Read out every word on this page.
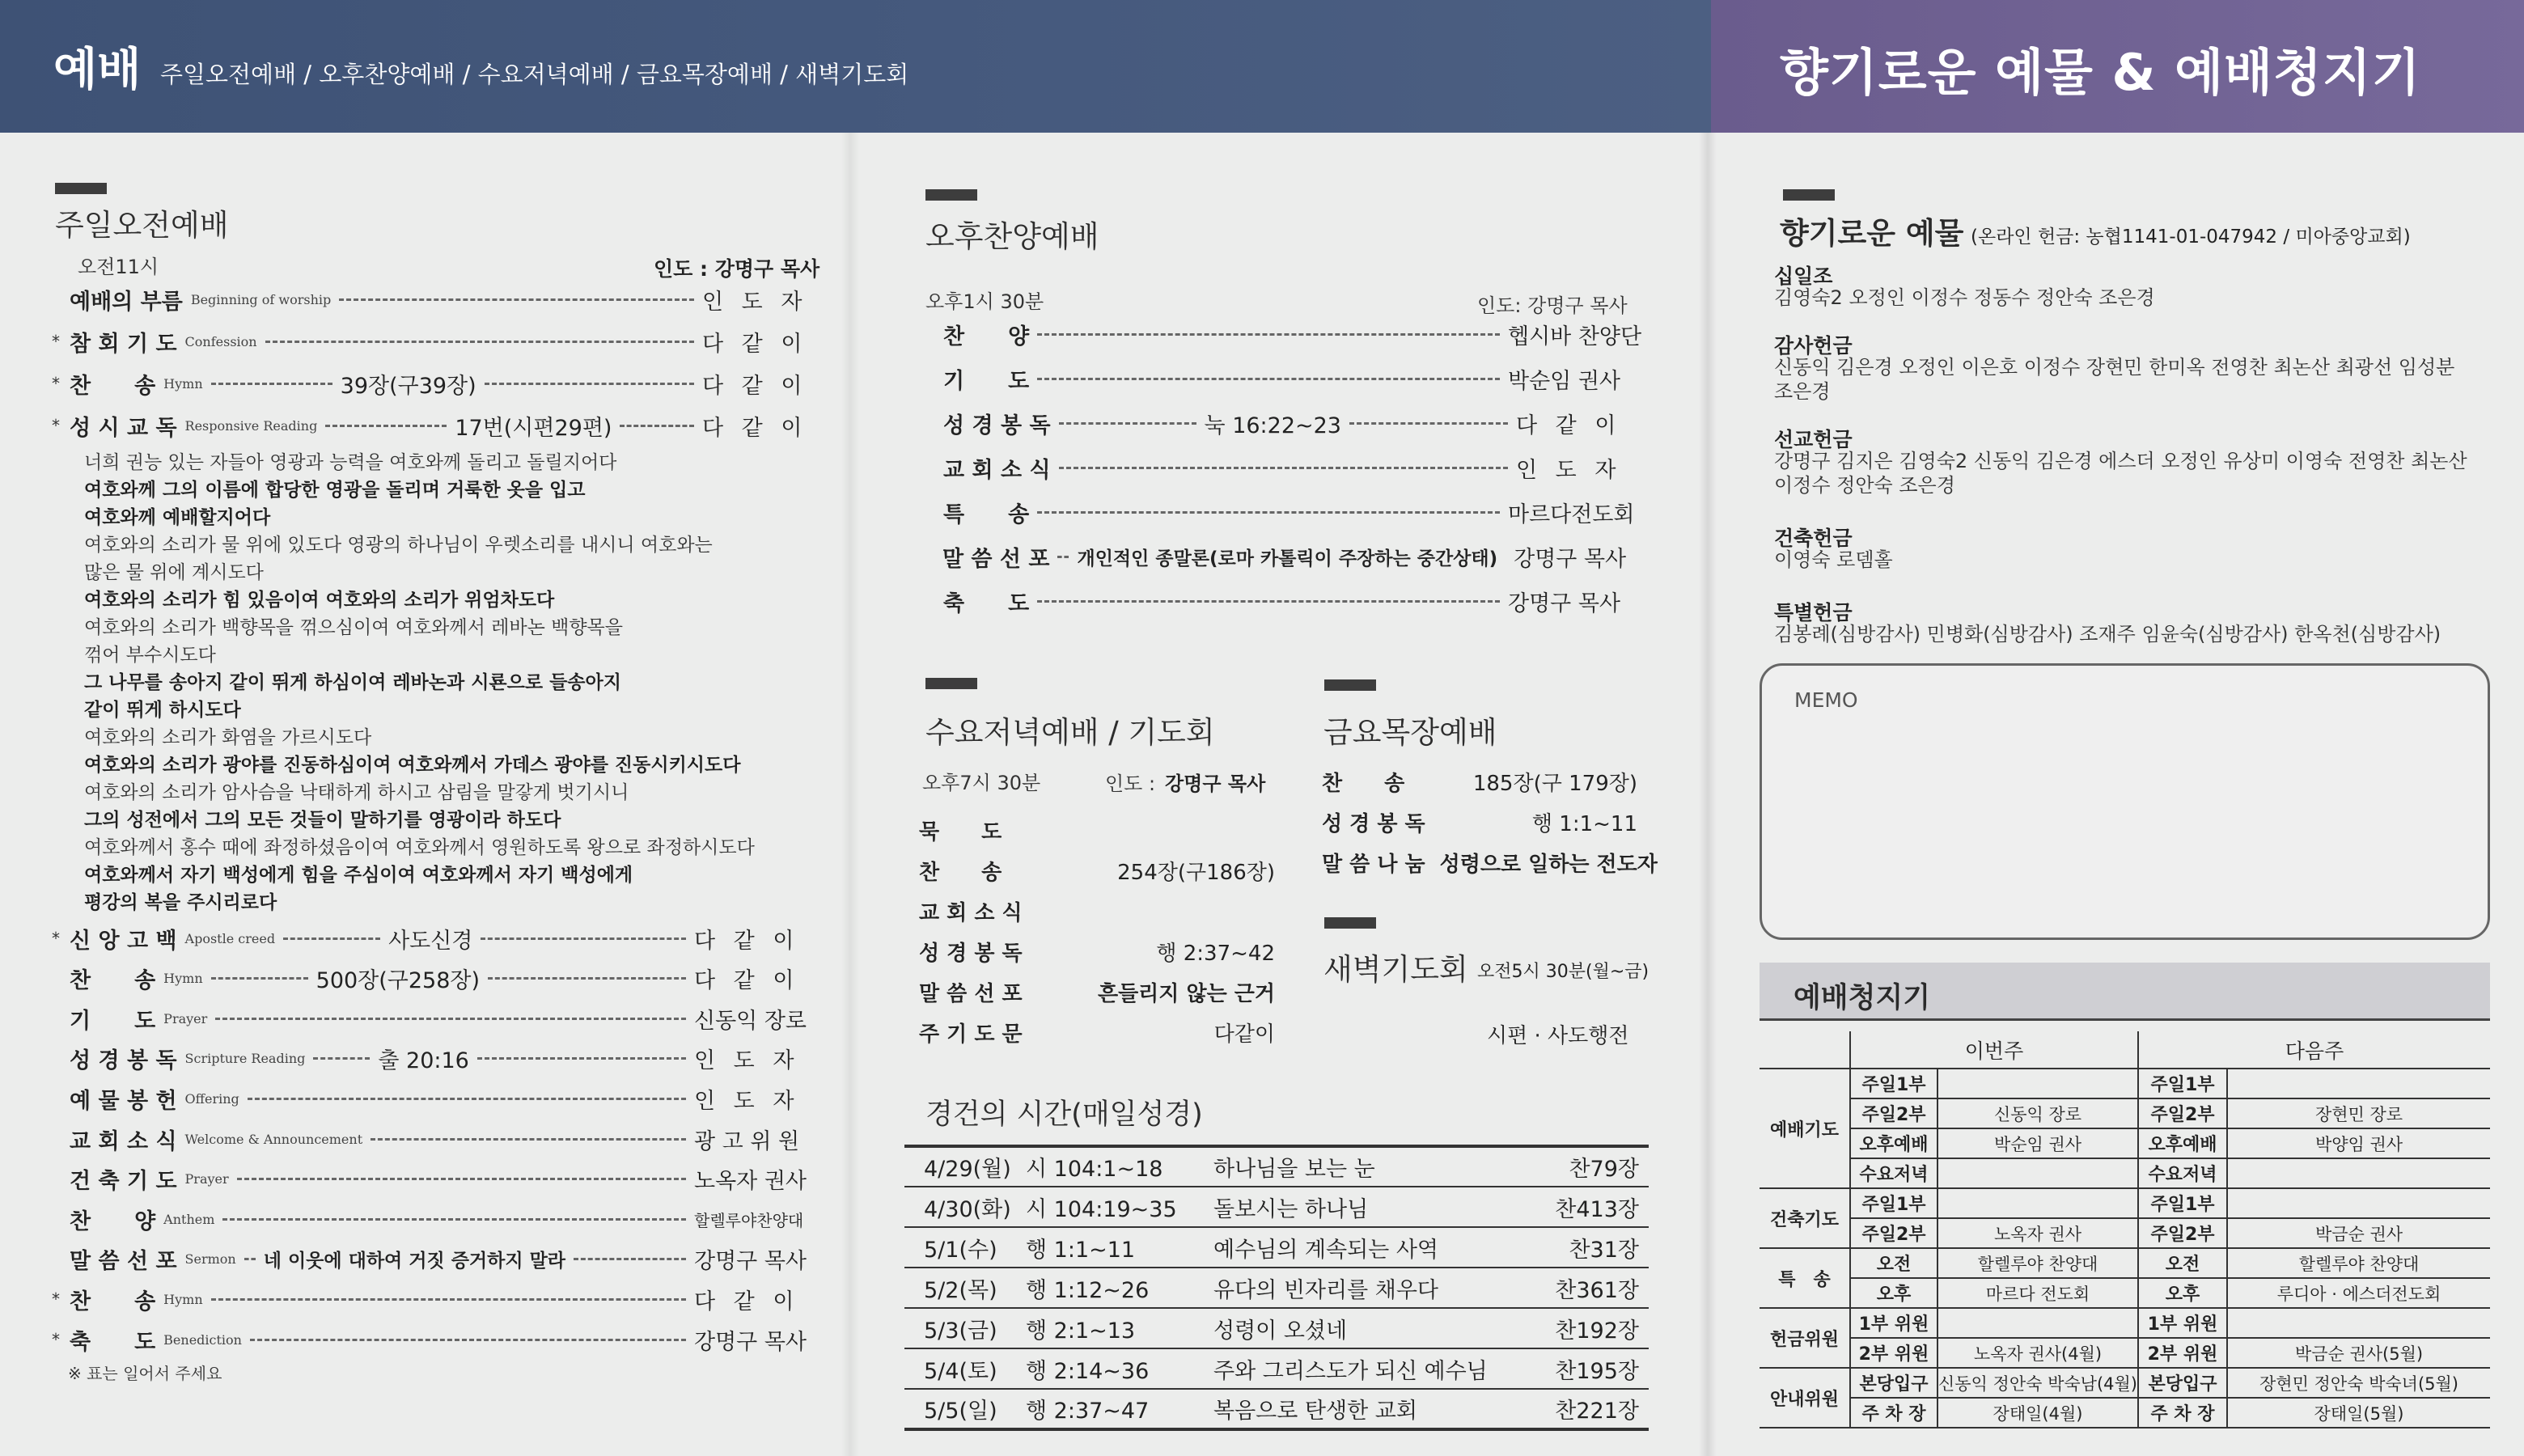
예배 주일오전예배 / 오후찬양예배 / 수요저녁예배 / 금요목장예배 / 새벽기도회	향기로운 예물 & 예배청지기
주일오전예배
오전11시	인도 : 강명구 목사
예배의 부름 Beginning of worship	인 도 자
* 참 회 기 도 Confession	다 같 이
* 찬　　송 Hymn	39장(구39장)	다 같 이
* 성 시 교 독 Responsive Reading	17번(시편29편)	다 같 이
너희 권능 있는 자들아 영광과 능력을 여호와께 돌리고 돌릴지어다
여호와께 그의 이름에 합당한 영광을 돌리며 거룩한 옷을 입고
여호와께 예배할지어다
여호와의 소리가 물 위에 있도다 영광의 하나님이 우렛소리를 내시니 여호와는
많은 물 위에 계시도다
여호와의 소리가 힘 있음이여 여호와의 소리가 위엄차도다
여호와의 소리가 백향목을 꺾으심이여 여호와께서 레바논 백향목을
꺾어 부수시도다
그 나무를 송아지 같이 뛰게 하심이여 레바논과 시룐으로 들송아지
같이 뛰게 하시도다
여호와의 소리가 화염을 가르시도다
여호와의 소리가 광야를 진동하심이여 여호와께서 가데스 광야를 진동시키시도다
여호와의 소리가 암사슴을 낙태하게 하시고 삼림을 말갛게 벗기시니
그의 성전에서 그의 모든 것들이 말하기를 영광이라 하도다
여호와께서 홍수 때에 좌정하셨음이여 여호와께서 영원하도록 왕으로 좌정하시도다
여호와께서 자기 백성에게 힘을 주심이여 여호와께서 자기 백성에게
평강의 복을 주시리로다
* 신 앙 고 백 Apostle creed	사도신경	다 같 이
찬　　송 Hymn	500장(구258장)	다 같 이
기　　도 Prayer	신동익 장로
성 경 봉 독 Scripture Reading	출 20:16	인 도 자
예 물 봉 헌 Offering	인 도 자
교 회 소 식 Welcome & Announcement	광 고 위 원
건 축 기 도 Prayer	노옥자 권사
찬　　양 Anthem	할렐루야찬양대
말 씀 선 포 Sermon 네 이웃에 대하여 거짓 증거하지 말라	강명구 목사
* 찬　　송 Hymn	다 같 이
* 축　　도 Benediction	강명구 목사
※ 표는 일어서 주세요
오후찬양예배
오후1시 30분	인도: 강명구 목사
찬　　양	헵시바 찬양단
기　　도	박순임 권사
성 경 봉 독	눅 16:22~23	다 같 이
교 회 소 식	인 도 자
특　　송	마르다전도회
말 씀 선 포 개인적인 종말론(로마 카톨릭이 주장하는 중간상태) 강명구 목사
축　　도	강명구 목사
수요저녁예배 / 기도회
오후7시 30분	인도 : 강명구 목사
묵　　도
찬　　송	254장(구186장)
교 회 소 식
성 경 봉 독	행 2:37~42
말 씀 선 포	흔들리지 않는 근거
주 기 도 문	다같이
금요목장예배
찬　　송	185장(구 179장)
성 경 봉 독	행 1:1~11
말 씀 나 눔 성령으로 일하는 전도자
새벽기도회 오전5시 30분(월~금)
시편 · 사도행전
경건의 시간(매일성경)
4/29(월)	시 104:1~18	하나님을 보는 눈	찬79장
4/30(화)	시 104:19~35	돌보시는 하나님	찬413장
5/1(수)	행 1:1~11	예수님의 계속되는 사역	찬31장
5/2(목)	행 1:12~26	유다의 빈자리를 채우다	찬361장
5/3(금)	행 2:1~13	성령이 오셨네	찬192장
5/4(토)	행 2:14~36	주와 그리스도가 되신 예수님	찬195장
5/5(일)	행 2:37~47	복음으로 탄생한 교회	찬221장
향기로운 예물 (온라인 헌금: 농협1141-01-047942 / 미아중앙교회)
십일조
김영숙2 오정인 이정수 정동수 정안숙 조은경
감사헌금
신동익 김은경 오정인 이은호 이정수 장현민 한미옥 전영찬 최논산 최광선 임성분
조은경
선교헌금
강명구 김지은 김영숙2 신동익 김은경 에스더 오정인 유상미 이영숙 전영찬 최논산
이정수 정안숙 조은경
건축헌금
이영숙 로뎀홀
특별헌금
김봉례(심방감사) 민병화(심방감사) 조재주 임윤숙(심방감사) 한옥천(심방감사)
MEMO
예배청지기
	이번주		다음주	
예배기도	주일1부		주일1부	
	주일2부	신동익 장로	주일2부	장현민 장로
	오후예배	박순임 권사	오후예배	박양임 권사
	수요저녁		수요저녁	
건축기도	주일1부		주일1부	
	주일2부	노옥자 권사	주일2부	박금순 권사
특　송	오전	할렐루야 찬양대	오전	할렐루야 찬양대
	오후	마르다 전도회	오후	루디아 · 에스더전도회
헌금위원	1부 위원		1부 위원	
	2부 위원	노옥자 권사(4월)	2부 위원	박금순 권사(5월)
안내위원	본당입구	신동익 정안숙 박숙남(4월)	본당입구	장현민 정안숙 박숙녀(5월)
	주 차 장	장태일(4월)	주 차 장	장태일(5월)
